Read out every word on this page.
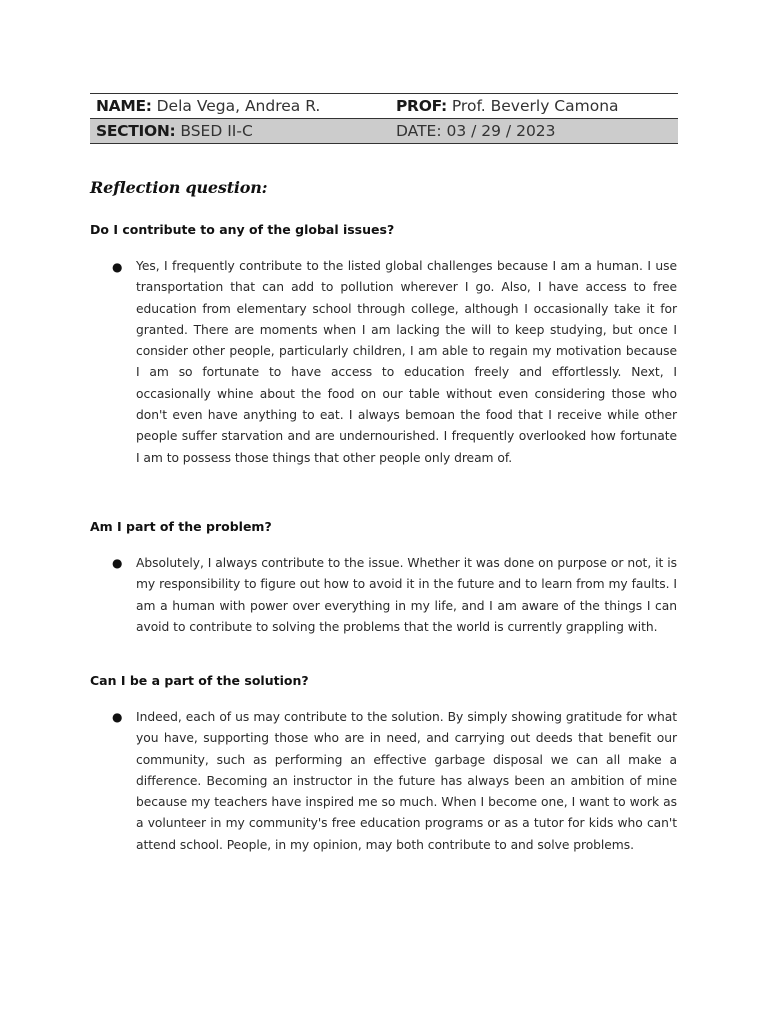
NAME: Dela Vega, Andrea R.	PROF: Prof. Beverly Camona
SECTION: BSED II-C	DATE: 03 / 29 / 2023
Reflection question:
Do I contribute to any of the global issues?
● Yes, I frequently contribute to the listed global challenges because I am a human. I use transportation that can add to pollution wherever I go. Also, I have access to free education from elementary school through college, although I occasionally take it for granted. There are moments when I am lacking the will to keep studying, but once I consider other people, particularly children, I am able to regain my motivation because I am so fortunate to have access to education freely and effortlessly. Next, I occasionally whine about the food on our table without even considering those who don't even have anything to eat. I always bemoan the food that I receive while other people suffer starvation and are undernourished. I frequently overlooked how fortunate I am to possess those things that other people only dream of.
Am I part of the problem?
● Absolutely, I always contribute to the issue. Whether it was done on purpose or not, it is my responsibility to figure out how to avoid it in the future and to learn from my faults. I am a human with power over everything in my life, and I am aware of the things I can avoid to contribute to solving the problems that the world is currently grappling with.
Can I be a part of the solution?
● Indeed, each of us may contribute to the solution. By simply showing gratitude for what you have, supporting those who are in need, and carrying out deeds that benefit our community, such as performing an effective garbage disposal we can all make a difference. Becoming an instructor in the future has always been an ambition of mine because my teachers have inspired me so much. When I become one, I want to work as a volunteer in my community's free education programs or as a tutor for kids who can't attend school. People, in my opinion, may both contribute to and solve problems.
